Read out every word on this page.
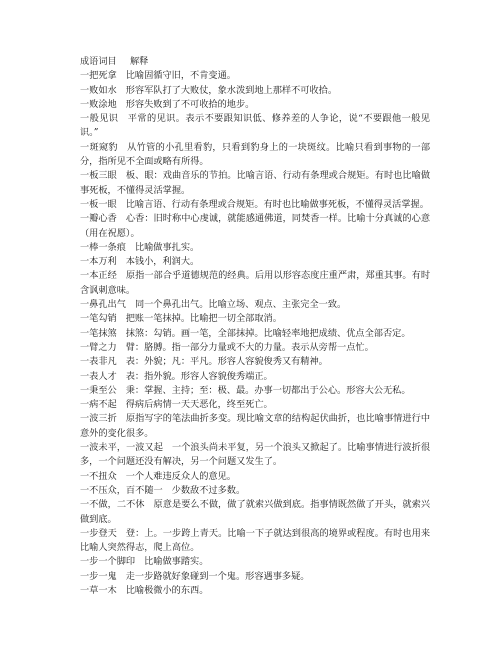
成语词目	解释
一把死拿 比喻固循守旧，不肯变通。
一败如水 形容军队打了大败仗，象水泼到地上那样不可收拾。
一败涂地 形容失败到了不可收拾的地步。
一般见识 平常的见识。表示不要跟知识低、修养差的人争论，说“不要跟他一般见识。”
一斑窥豹 从竹管的小孔里看豹，只看到豹身上的一块斑纹。比喻只看到事物的一部分，指所见不全面或略有所得。
一板三眼 板、眼：戏曲音乐的节拍。比喻言语、行动有条理或合规矩。有时也比喻做事死板，不懂得灵活掌握。
一板一眼 比喻言语、行动有条理或合规矩。有时也比喻做事死板，不懂得灵活掌握。
一瓣心香 心香：旧时称中心虔诚，就能感通佛道，同焚香一样。比喻十分真诚的心意（用在祝愿）。
一棒一条痕 比喻做事扎实。
一本万利 本钱小，利润大。
一本正经 原指一部合乎道德规范的经典。后用以形容态度庄重严肃，郑重其事。有时含讽刺意味。
一鼻孔出气 同一个鼻孔出气。比喻立场、观点、主张完全一致。
一笔勾销 把账一笔抹掉。比喻把一切全部取消。
一笔抹煞 抹煞：勾销。画一笔，全部抹掉。比喻轻率地把成绩、优点全部否定。
一臂之力 臂：胳膊。指一部分力量或不大的力量。表示从旁帮一点忙。
一表非凡 表：外貌；凡：平凡。形容人容貌俊秀又有精神。
一表人才 表：指外貌。形容人容貌俊秀端正。
一秉至公 秉：掌握、主持；至：极、最。办事一切都出于公心。形容大公无私。
一病不起 得病后病情一天天恶化，终至死亡。
一波三折 原指写字的笔法曲折多变。现比喻文章的结构起伏曲折，也比喻事情进行中意外的变化很多。
一波未平，一波又起 一个浪头尚未平复，另一个浪头又掀起了。比喻事情进行波折很多，一个问题还没有解决，另一个问题又发生了。
一不扭众 一个人难违反众人的意见。
一不压众，百不随一 少数敌不过多数。
一不做，二不休 原意是要么不做，做了就索兴做到底。指事情既然做了开头，就索兴做到底。
一步登天 登：上。一步跨上青天。比喻一下子就达到很高的境界或程度。有时也用来比喻人突然得志，爬上高位。
一步一个脚印 比喻做事踏实。
一步一鬼 走一步路就好象碰到一个鬼。形容遇事多疑。
一草一木 比喻极微小的东西。
